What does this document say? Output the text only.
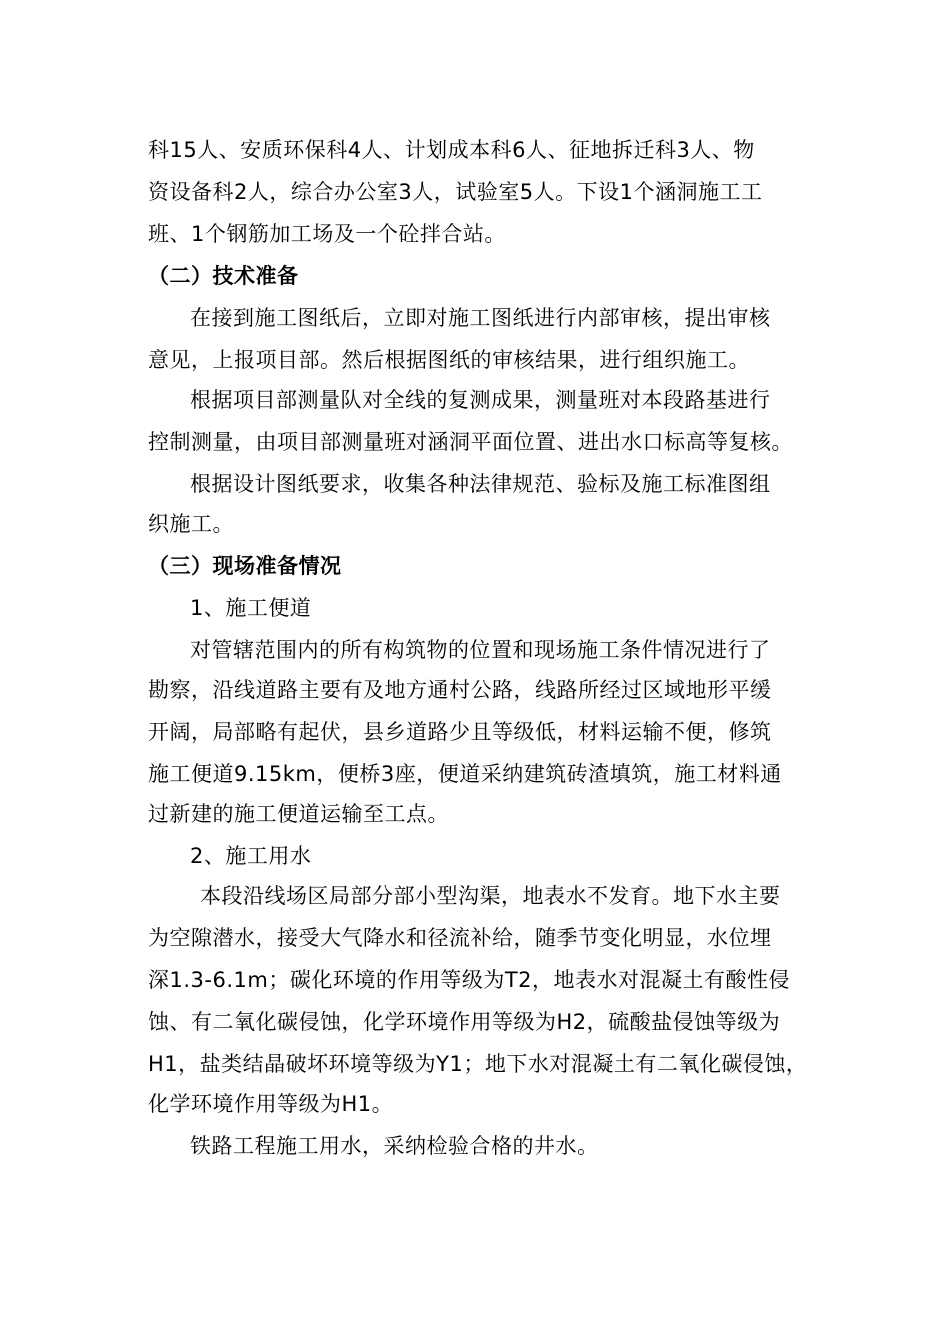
科15人、安质环保科4人、计划成本科6人、征地拆迁科3人、物
资设备科2人，综合办公室3人，试验室5人。下设1个涵洞施工工
班、1个钢筋加工场及一个砼拌合站。
（二）技术准备
在接到施工图纸后，立即对施工图纸进行内部审核，提出审核
意见，上报项目部。然后根据图纸的审核结果，进行组织施工。
根据项目部测量队对全线的复测成果，测量班对本段路基进行
控制测量，由项目部测量班对涵洞平面位置、进出水口标高等复核。
根据设计图纸要求，收集各种法律规范、验标及施工标准图组
织施工。
（三）现场准备情况
1、施工便道
对管辖范围内的所有构筑物的位置和现场施工条件情况进行了
勘察，沿线道路主要有及地方通村公路，线路所经过区域地形平缓
开阔，局部略有起伏，县乡道路少且等级低，材料运输不便，修筑
施工便道9.15km，便桥3座，便道采纳建筑砖渣填筑，施工材料通
过新建的施工便道运输至工点。
2、施工用水
本段沿线场区局部分部小型沟渠，地表水不发育。地下水主要
为空隙潜水，接受大气降水和径流补给，随季节变化明显，水位埋
深1.3-6.1m；碳化环境的作用等级为T2，地表水对混凝土有酸性侵
蚀、有二氧化碳侵蚀，化学环境作用等级为H2，硫酸盐侵蚀等级为
H1，盐类结晶破坏环境等级为Y1；地下水对混凝土有二氧化碳侵蚀，
化学环境作用等级为H1。
铁路工程施工用水，采纳检验合格的井水。
